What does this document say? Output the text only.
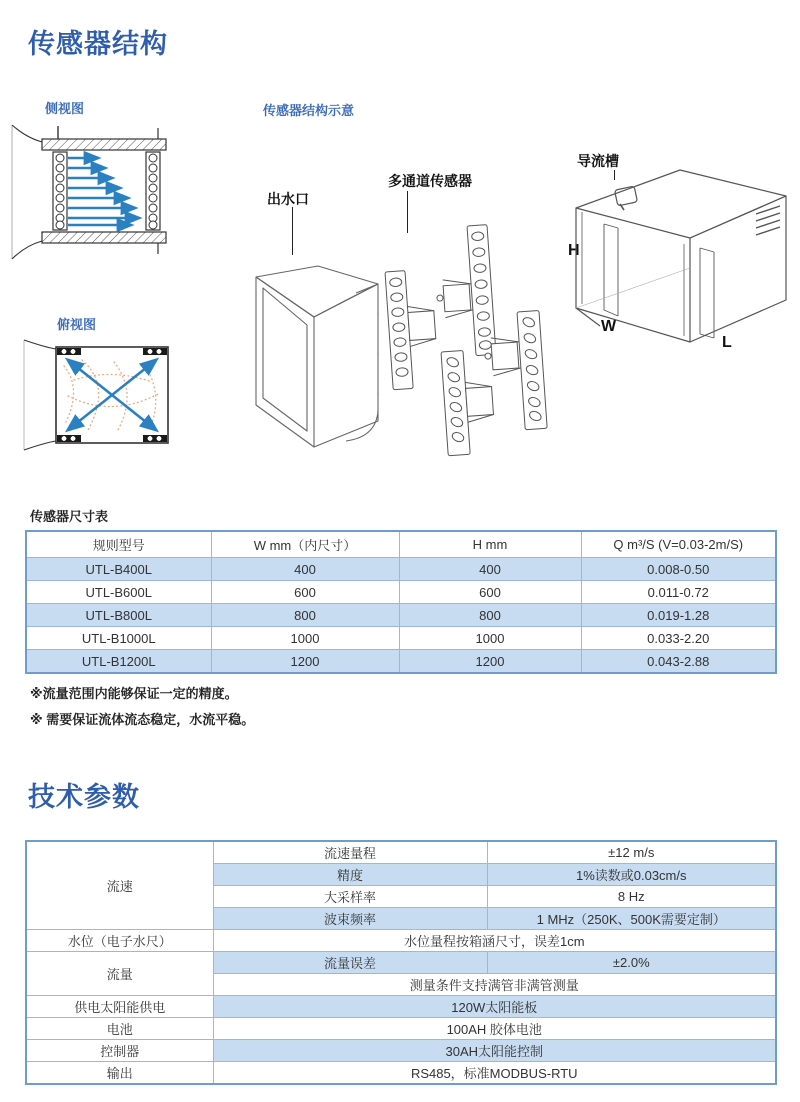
传感器结构
侧视图
俯视图
传感器结构示意
出水口
多通道传感器
导流槽
H
W
L
传感器尺寸表
规则型号	W mm（内尺寸）	H mm	Q m³/S (V=0.03-2m/S)
UTL-B400L	400	400	0.008-0.50
UTL-B600L	600	600	0.011-0.72
UTL-B800L	800	800	0.019-1.28
UTL-B1000L	1000	1000	0.033-2.20
UTL-B1200L	1200	1200	0.043-2.88
※流量范围内能够保证一定的精度。
※ 需要保证流体流态稳定，水流平稳。
技术参数
流速	流速量程	±12 m/s
	精度	1%读数或0.03cm/s
	大采样率	8 Hz
	波束频率	1 MHz（250K、500K需要定制）
水位（电子水尺）	水位量程按箱涵尺寸，误差1cm	
流量	流量误差	±2.0%
	测量条件支持满管非满管测量	
供电太阳能供电	120W太阳能板	
电池	100AH 胶体电池	
控制器	30AH太阳能控制	
输出	RS485，标准MODBUS-RTU	
